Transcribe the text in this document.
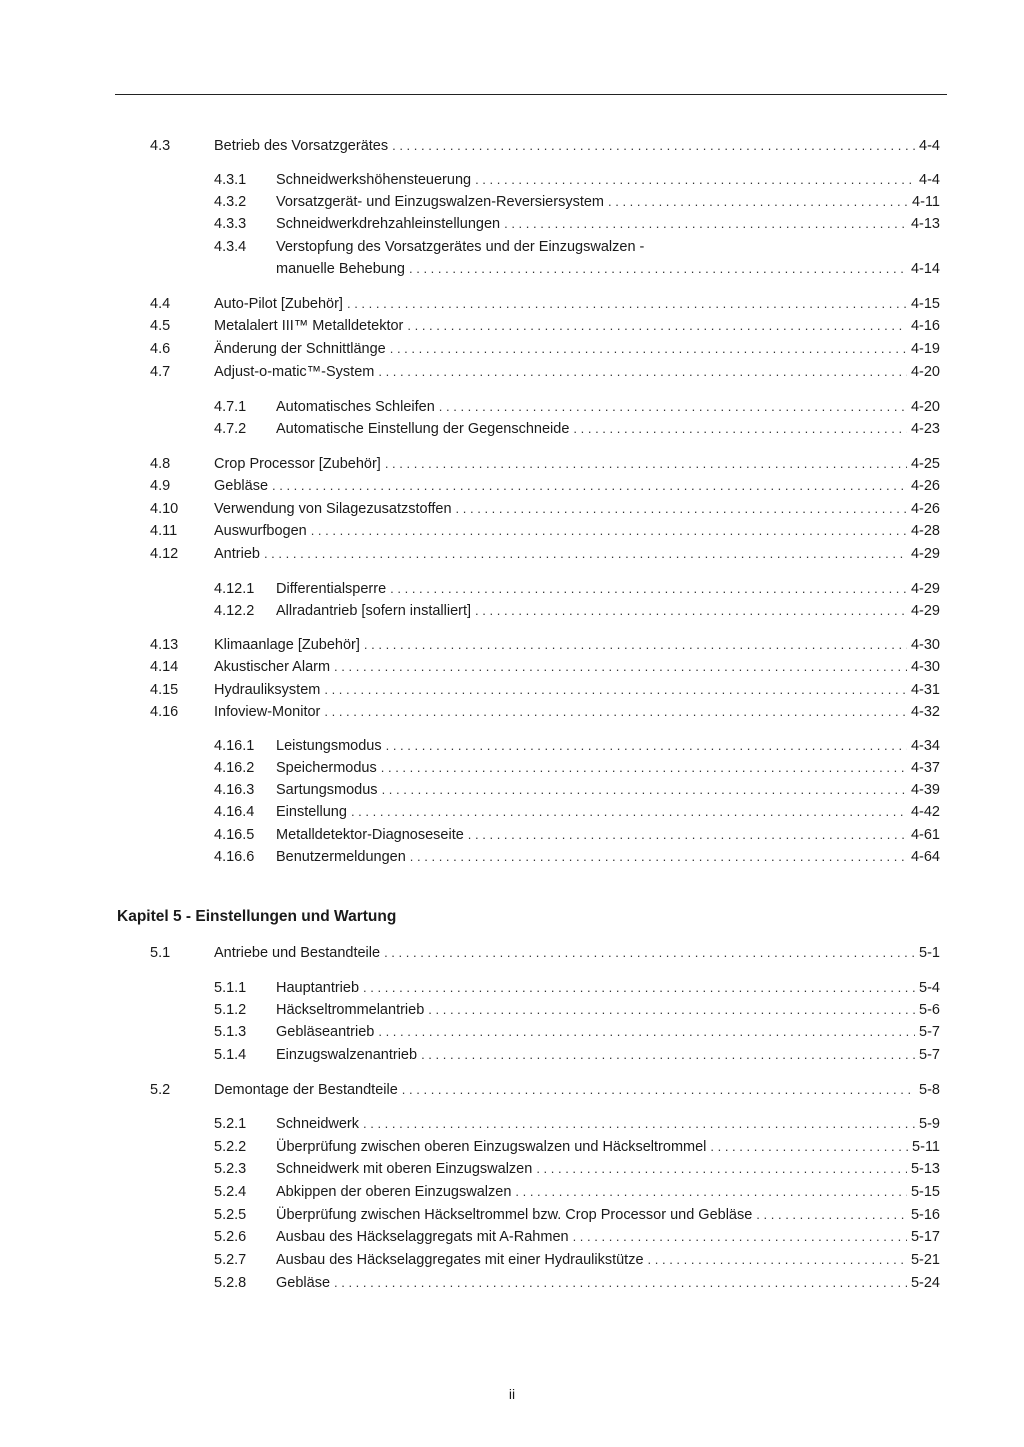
4.3	Betrieb des Vorsatzgerätes . . .	4-4
4.3.1	Schneidwerkshöhensteuerung . . .	4-4
4.3.2	Vorsatzgerät- und Einzugswalzen-Reversiersystem . . .	4-11
4.3.3	Schneidwerkdrehzahleinstellungen . . .	4-13
4.3.4 Verstopfung des Vorsatzgerätes und der Einzugswalzen -
manuelle Behebung . . .	4-14
4.4	Auto-Pilot [Zubehör] . . .	4-15
4.5	Metalalert III™ Metalldetektor . . .	4-16
4.6	Änderung der Schnittlänge . . .	4-19
4.7	Adjust-o-matic™-System . . .	4-20
4.7.1	Automatisches Schleifen . . .	4-20
4.7.2	Automatische Einstellung der Gegenschneide . . .	4-23
4.8	Crop Processor [Zubehör] . . .	4-25
4.9	Gebläse . . .	4-26
4.10	Verwendung von Silagezusatzstoffen . . .	4-26
4.11	Auswurfbogen . . .	4-28
4.12	Antrieb . . .	4-29
4.12.1	Differentialsperre . . .	4-29
4.12.2	Allradantrieb [sofern installiert] . . .	4-29
4.13	Klimaanlage [Zubehör] . . .	4-30
4.14	Akustischer Alarm . . .	4-30
4.15	Hydrauliksystem . . .	4-31
4.16	Infoview-Monitor . . .	4-32
4.16.1	Leistungsmodus . . .	4-34
4.16.2	Speichermodus . . .	4-37
4.16.3	Sartungsmodus . . .	4-39
4.16.4	Einstellung . . .	4-42
4.16.5	Metalldetektor-Diagnoseseite . . .	4-61
4.16.6	Benutzermeldungen . . .	4-64
Kapitel 5 - Einstellungen und Wartung
5.1	Antriebe und Bestandteile . . .	5-1
5.1.1	Hauptantrieb . . .	5-4
5.1.2	Häckseltrommelantrieb . . .	5-6
5.1.3	Gebläseantrieb . . .	5-7
5.1.4	Einzugswalzenantrieb . . .	5-7
5.2	Demontage der Bestandteile . . .	5-8
5.2.1	Schneidwerk . . .	5-9
5.2.2	Überprüfung zwischen oberen Einzugswalzen und Häckseltrommel . . .	5-11
5.2.3	Schneidwerk mit oberen Einzugswalzen . . .	5-13
5.2.4	Abkippen der oberen Einzugswalzen . . .	5-15
5.2.5	Überprüfung zwischen Häckseltrommel bzw. Crop Processor und Gebläse . . .	5-16
5.2.6	Ausbau des Häckselaggregats mit A-Rahmen . . .	5-17
5.2.7	Ausbau des Häckselaggregates mit einer Hydraulikstütze . . .	5-21
5.2.8	Gebläse . . .	5-24
ii
